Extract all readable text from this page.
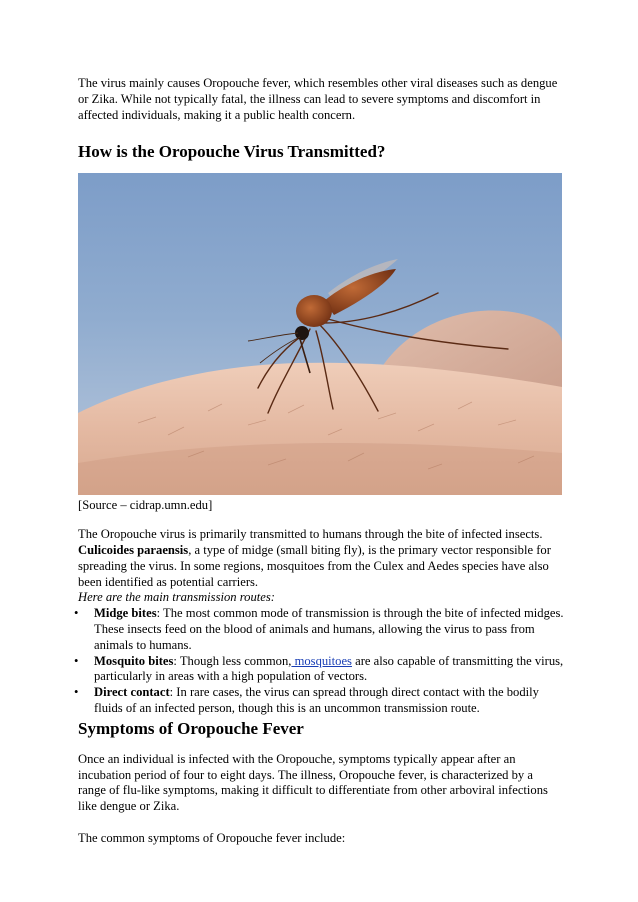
The virus mainly causes Oropouche fever, which resembles other viral diseases such as dengue or Zika. While not typically fatal, the illness can lead to severe symptoms and discomfort in affected individuals, making it a public health concern.

How is the Oropouche Virus Transmitted?

[Source – cidrap.umn.edu]

The Oropouche virus is primarily transmitted to humans through the bite of infected insects. Culicoides paraensis, a type of midge (small biting fly), is the primary vector responsible for spreading the virus. In some regions, mosquitoes from the Culex and Aedes species have also been identified as potential carriers.

Here are the main transmission routes:

• Midge bites: The most common mode of transmission is through the bite of infected midges. These insects feed on the blood of animals and humans, allowing the virus to pass from animals to humans.
• Mosquito bites: Though less common, mosquitoes are also capable of transmitting the virus, particularly in areas with a high population of vectors.
• Direct contact: In rare cases, the virus can spread through direct contact with the bodily fluids of an infected person, though this is an uncommon transmission route.
Symptoms of Oropouche Fever

Once an individual is infected with the Oropouche, symptoms typically appear after an incubation period of four to eight days. The illness, Oropouche fever, is characterized by a range of flu-like symptoms, making it difficult to differentiate from other arboviral infections like dengue or Zika.

The common symptoms of Oropouche fever include:
